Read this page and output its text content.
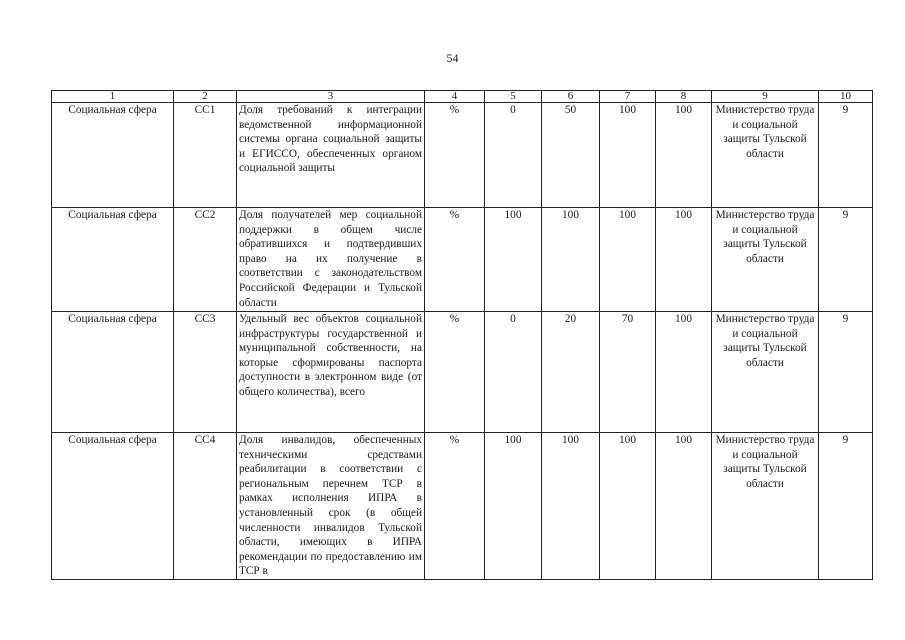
54
1	2	3	4	5	6	7	8	9	10
Социальная сфера	СС1	Доля требований к интеграции ведомственной информационной системы органа социальной защиты и ЕГИССО, обеспеченных органом социальной защиты	%	0	50	100	100	Министерство труда и социальной защиты Тульской области	9
Социальная сфера	СС2	Доля получателей мер социальной поддержки в общем числе обратившихся и подтвердивших право на их получение в соответствии с законодательством Российской Федерации и Тульской области	%	100	100	100	100	Министерство труда и социальной защиты Тульской области	9
Социальная сфера	СС3	Удельный вес объектов социальной инфраструктуры государственной и муниципальной собственности, на которые сформированы паспорта доступности в электронном виде (от общего количества), всего	%	0	20	70	100	Министерство труда и социальной защиты Тульской области	9
Социальная сфера	СС4	Доля инвалидов, обеспеченных техническими средствами реабилитации в соответствии с региональным перечнем ТСР в рамках исполнения ИПРА в установленный срок (в общей численности инвалидов Тульской области, имеющих в ИПРА рекомендации по предоставлению им ТСР в	%	100	100	100	100	Министерство труда и социальной защиты Тульской области	9
